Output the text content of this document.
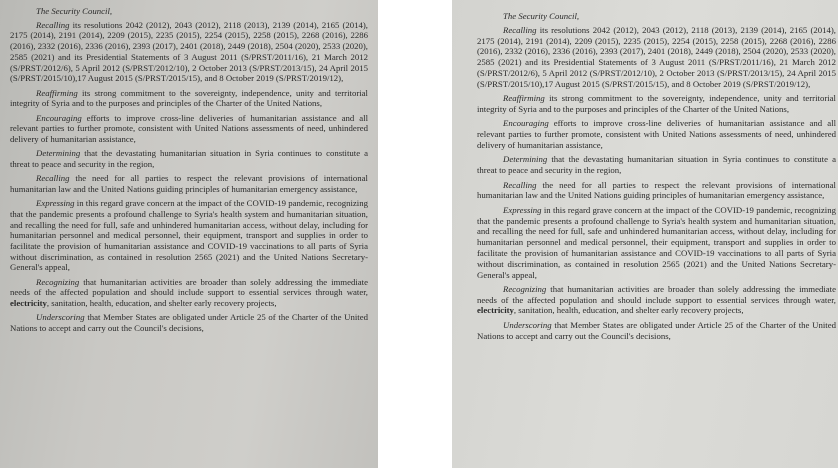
The Security Council,

Recalling its resolutions 2042 (2012), 2043 (2012), 2118 (2013), 2139 (2014), 2165 (2014), 2175 (2014), 2191 (2014), 2209 (2015), 2235 (2015), 2254 (2015), 2258 (2015), 2268 (2016), 2286 (2016), 2332 (2016), 2336 (2016), 2393 (2017), 2401 (2018), 2449 (2018), 2504 (2020), 2533 (2020), 2585 (2021) and its Presidential Statements of 3 August 2011 (S/PRST/2011/16), 21 March 2012 (S/PRST/2012/6), 5 April 2012 (S/PRST/2012/10), 2 October 2013 (S/PRST/2013/15), 24 April 2015 (S/PRST/2015/10),17 August 2015 (S/PRST/2015/15), and 8 October 2019 (S/PRST/2019/12),

Reaffirming its strong commitment to the sovereignty, independence, unity and territorial integrity of Syria and to the purposes and principles of the Charter of the United Nations,

Encouraging efforts to improve cross-line deliveries of humanitarian assistance and all relevant parties to further promote, consistent with United Nations assessments of need, unhindered delivery of humanitarian assistance,

Determining that the devastating humanitarian situation in Syria continues to constitute a threat to peace and security in the region,

Recalling the need for all parties to respect the relevant provisions of international humanitarian law and the United Nations guiding principles of humanitarian emergency assistance,

Expressing in this regard grave concern at the impact of the COVID-19 pandemic, recognizing that the pandemic presents a profound challenge to Syria's health system and humanitarian situation, and recalling the need for full, safe and unhindered humanitarian access, without delay, including for humanitarian personnel and medical personnel, their equipment, transport and supplies in order to facilitate the provision of humanitarian assistance and COVID-19 vaccinations to all parts of Syria without discrimination, as contained in resolution 2565 (2021) and the United Nations Secretary-General's appeal,

Recognizing that humanitarian activities are broader than solely addressing the immediate needs of the affected population and should include support to essential services through water, electricity, sanitation, health, education, and shelter early recovery projects,

Underscoring that Member States are obligated under Article 25 of the Charter of the United Nations to accept and carry out the Council's decisions,

The Security Council,

Recalling its resolutions 2042 (2012), 2043 (2012), 2118 (2013), 2139 (2014), 2165 (2014), 2175 (2014), 2191 (2014), 2209 (2015), 2235 (2015), 2254 (2015), 2258 (2015), 2268 (2016), 2286 (2016), 2332 (2016), 2336 (2016), 2393 (2017), 2401 (2018), 2449 (2018), 2504 (2020), 2533 (2020), 2585 (2021) and its Presidential Statements of 3 August 2011 (S/PRST/2011/16), 21 March 2012 (S/PRST/2012/6), 5 April 2012 (S/PRST/2012/10), 2 October 2013 (S/PRST/2013/15), 24 April 2015 (S/PRST/2015/10),17 August 2015 (S/PRST/2015/15), and 8 October 2019 (S/PRST/2019/12),

Reaffirming its strong commitment to the sovereignty, independence, unity and territorial integrity of Syria and to the purposes and principles of the Charter of the United Nations,

Encouraging efforts to improve cross-line deliveries of humanitarian assistance and all relevant parties to further promote, consistent with United Nations assessments of need, unhindered delivery of humanitarian assistance,

Determining that the devastating humanitarian situation in Syria continues to constitute a threat to peace and security in the region,

Recalling the need for all parties to respect the relevant provisions of international humanitarian law and the United Nations guiding principles of humanitarian emergency assistance,

Expressing in this regard grave concern at the impact of the COVID-19 pandemic, recognizing that the pandemic presents a profound challenge to Syria's health system and humanitarian situation, and recalling the need for full, safe and unhindered humanitarian access, without delay, including for humanitarian personnel and medical personnel, their equipment, transport and supplies in order to facilitate the provision of humanitarian assistance and COVID-19 vaccinations to all parts of Syria without discrimination, as contained in resolution 2565 (2021) and the United Nations Secretary-General's appeal,

Recognizing that humanitarian activities are broader than solely addressing the immediate needs of the affected population and should include support to essential services through water, electricity, sanitation, health, education, and shelter early recovery projects,

Underscoring that Member States are obligated under Article 25 of the Charter of the United Nations to accept and carry out the Council's decisions,
